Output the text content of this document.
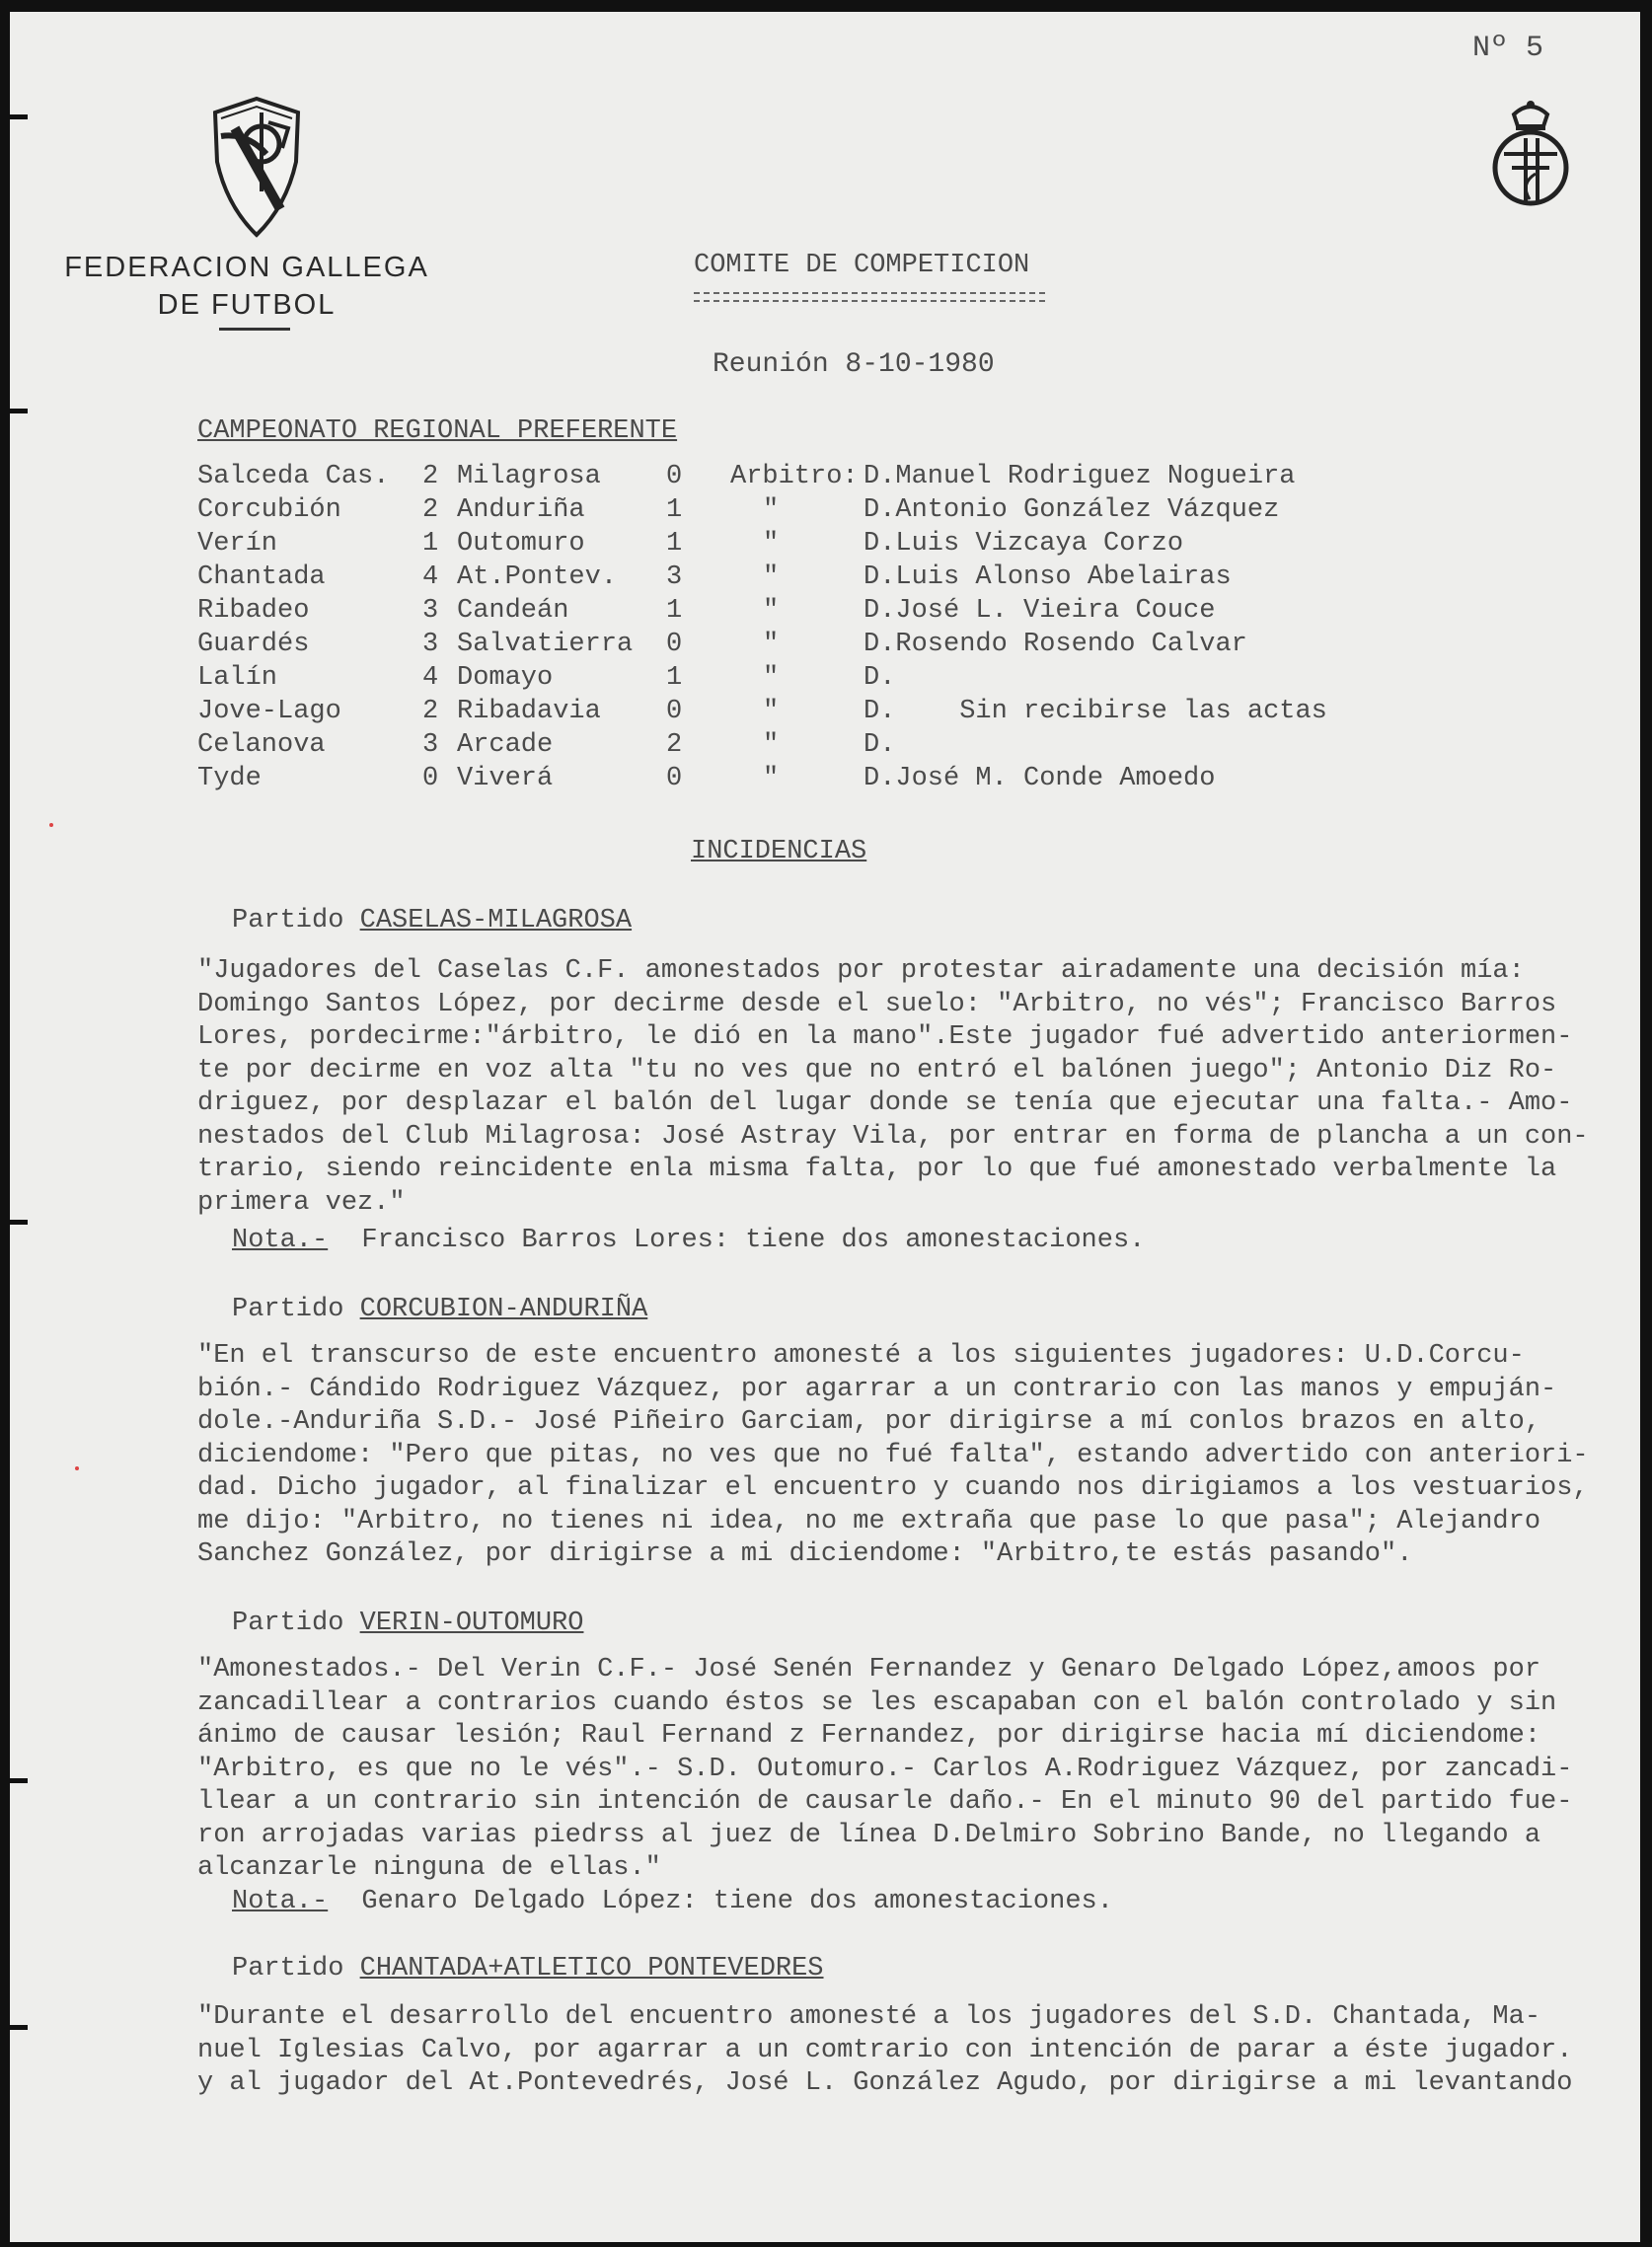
FEDERACION GALLEGA
DE FUTBOL
Nº 5
COMITE DE COMPETICION
Reunión 8-10-1980
CAMPEONATO REGIONAL PREFERENTE
Salceda Cas. 2 Milagrosa 0 Arbitro: D.Manuel Rodriguez Nogueira
Corcubión	2 Anduriña	1	"	D.Antonio González Vázquez
Verín	1 Outomuro	1	"	D.Luis Vizcaya Corzo
Chantada	4 At.Pontev. 3	"	D.Luis Alonso Abelairas
Ribadeo	3 Candeán	1	"	D.José L. Vieira Couce
Guardés	3 Salvatierra 0	"	D.Rosendo Rosendo Calvar
Lalín	4 Domayo	1	"	D.
Jove-Lago	2 Ribadavia 0	"	D.    Sin recibirse las actas
Celanova	3 Arcade	2	"	D.
Tyde	0 Viverá	0	"	D.José M. Conde Amoedo
INCIDENCIAS
Partido CASELAS-MILAGROSA
"Jugadores del Caselas C.F. amonestados por protestar airadamente una decisión mía:
Domingo Santos López, por decirme desde el suelo: "Arbitro, no vés"; Francisco Barros
Lores, pordecirme:"árbitro, le dió en la mano".Este jugador fué advertido anteriormen-
te por decirme en voz alta "tu no ves que no entró el balónen juego"; Antonio Diz Ro-
driguez, por desplazar el balón del lugar donde se tenía que ejecutar una falta.- Amo-
nestados del Club Milagrosa: José Astray Vila, por entrar en forma de plancha a un con-
trario, siendo reincidente enla misma falta, por lo que fué amonestado verbalmente la
primera vez."
Nota.- Francisco Barros Lores: tiene dos amonestaciones.
Partido CORCUBION-ANDURIÑA
"En el transcurso de este encuentro amonesté a los siguientes jugadores: U.D.Corcu-
bión.- Cándido Rodriguez Vázquez, por agarrar a un contrario con las manos y empuján-
dole.-Anduriña S.D.- José Piñeiro Garciam, por dirigirse a mí conlos brazos en alto,
diciendome: "Pero que pitas, no ves que no fué falta", estando advertido con anteriori-
dad. Dicho jugador, al finalizar el encuentro y cuando nos dirigiamos a los vestuarios,
me dijo: "Arbitro, no tienes ni idea, no me extraña que pase lo que pasa"; Alejandro
Sanchez González, por dirigirse a mi diciendome: "Arbitro,te estás pasando".
Partido VERIN-OUTOMURO
"Amonestados.- Del Verin C.F.- José Senén Fernandez y Genaro Delgado López,amoos por
zancadillear a contrarios cuando éstos se les escapaban con el balón controlado y sin
ánimo de causar lesión; Raul Fernand z Fernandez, por dirigirse hacia mí diciendome:
"Arbitro, es que no le vés".- S.D. Outomuro.- Carlos A.Rodriguez Vázquez, por zancadi-
llear a un contrario sin intención de causarle daño.- En el minuto 90 del partido fue-
ron arrojadas varias piedrss al juez de línea D.Delmiro Sobrino Bande, no llegando a
alcanzarle ninguna de ellas."
Nota.- Genaro Delgado López: tiene dos amonestaciones.
Partido CHANTADA+ATLETICO PONTEVEDRES
"Durante el desarrollo del encuentro amonesté a los jugadores del S.D. Chantada, Ma-
nuel Iglesias Calvo, por agarrar a un comtrario con intención de parar a éste jugador.
y al jugador del At.Pontevedrés, José L. González Agudo, por dirigirse a mi levantando
